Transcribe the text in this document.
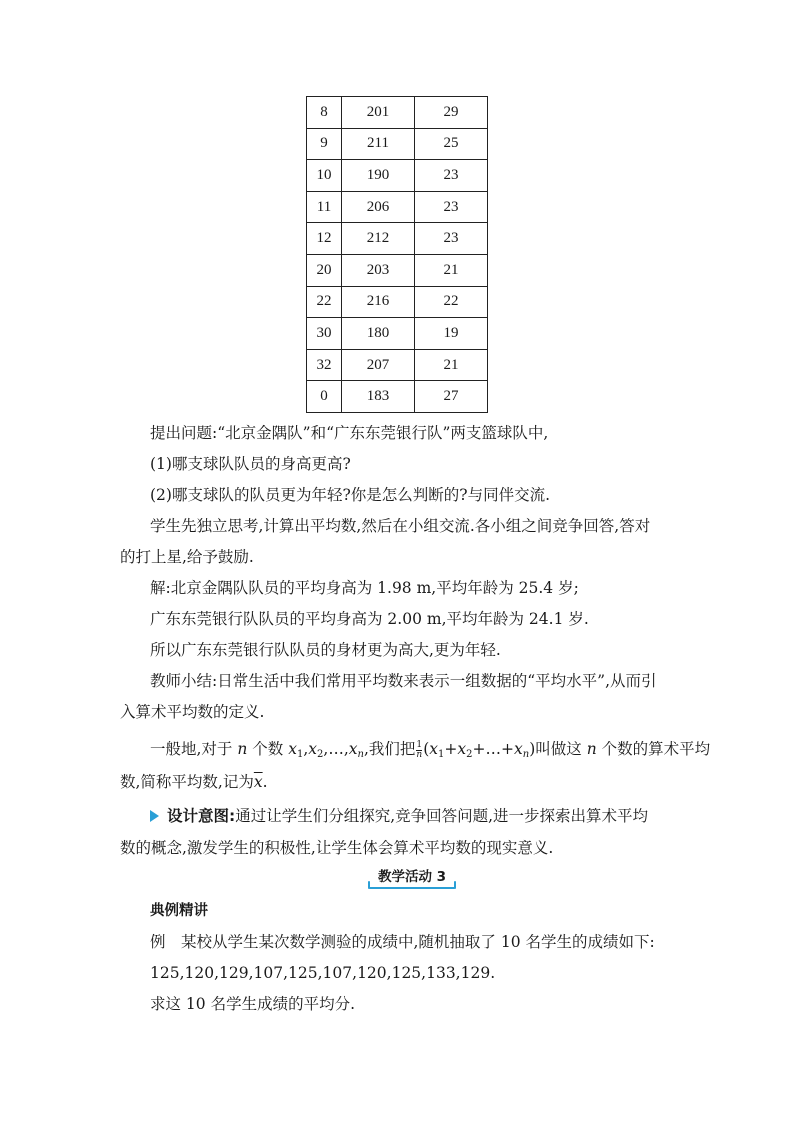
8	201	29
9	211	25
10	190	23
11	206	23
12	212	23
20	203	21
22	216	22
30	180	19
32	207	21
0	183	27
提出问题:“北京金隅队”和“广东东莞银行队”两支篮球队中,
(1)哪支球队队员的身高更高?
(2)哪支球队的队员更为年轻?你是怎么判断的?与同伴交流.
学生先独立思考,计算出平均数,然后在小组交流.各小组之间竞争回答,答对
的打上星,给予鼓励.
解:北京金隅队队员的平均身高为 1.98 m,平均年龄为 25.4 岁;
广东东莞银行队队员的平均身高为 2.00 m,平均年龄为 24.1 岁.
所以广东东莞银行队队员的身材更为高大,更为年轻.
教师小结:日常生活中我们常用平均数来表示一组数据的“平均水平”,从而引
入算术平均数的定义.
一般地,对于 n 个数 $x_1,x_2,\dots,x_n$,我们把 $\frac{1}{n}$ $(x_1+x_2+\dots+x_n)$叫做这 n 个数的算术平均
数,简称平均数,记为$\overline{x}$.
设计意图:通过让学生们分组探究,竞争回答问题,进一步探索出算术平均
数的概念,激发学生的积极性,让学生体会算术平均数的现实意义.
教学活动 3
典例精讲
例　某校从学生某次数学测验的成绩中,随机抽取了 10 名学生的成绩如下:
125,120,129,107,125,107,120,125,133,129.
求这 10 名学生成绩的平均分.
